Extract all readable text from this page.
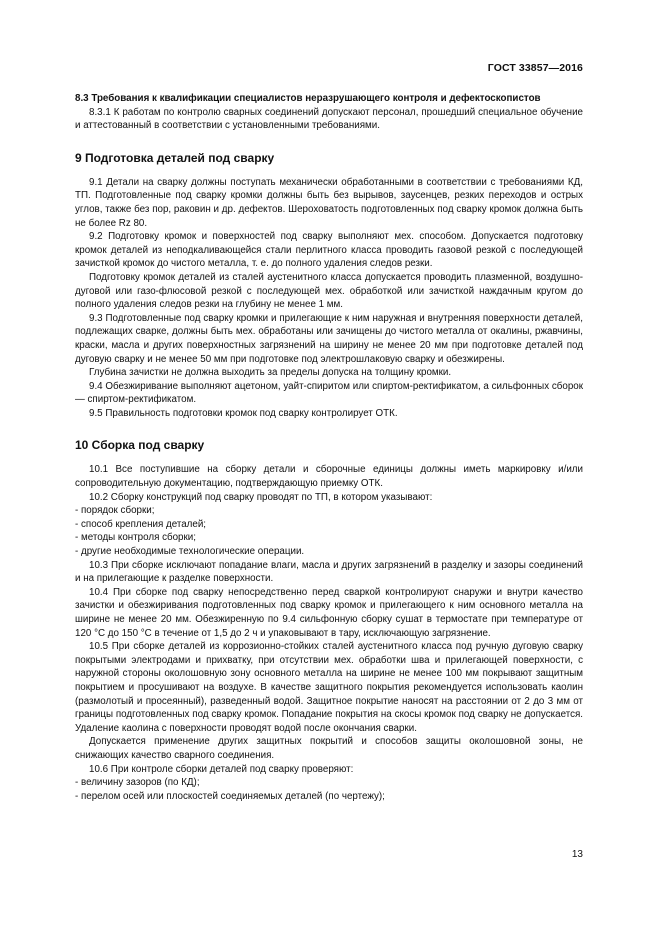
ГОСТ 33857—2016

8.3 Требования к квалификации специалистов неразрушающего контроля и дефектоскопистов

8.3.1 К работам по контролю сварных соединений допускают персонал, прошедший специальное обучение и аттестованный в соответствии с установленными требованиями.

9 Подготовка деталей под сварку

9.1 Детали на сварку должны поступать механически обработанными в соответствии с требованиями КД, ТП. Подготовленные под сварку кромки должны быть без вырывов, заусенцев, резких переходов и острых углов, также без пор, раковин и др. дефектов. Шероховатость подготовленных под сварку кромок должна быть не более Rz 80.

9.2 Подготовку кромок и поверхностей под сварку выполняют мех. способом. Допускается подготовку кромок деталей из неподкаливающейся стали перлитного класса проводить газовой резкой с последующей зачисткой кромок до чистого металла, т. е. до полного удаления следов резки.

Подготовку кромок деталей из сталей аустенитного класса допускается проводить плазменной, воздушно-дуговой или газо-флюсовой резкой с последующей мех. обработкой или зачисткой наждачным кругом до полного удаления следов резки на глубину не менее 1 мм.

9.3 Подготовленные под сварку кромки и прилегающие к ним наружная и внутренняя поверхности деталей, подлежащих сварке, должны быть мех. обработаны или зачищены до чистого металла от окалины, ржавчины, краски, масла и других поверхностных загрязнений на ширину не менее 20 мм при подготовке деталей под дуговую сварку и не менее 50 мм при подготовке под электрошлаковую сварку и обезжирены.

Глубина зачистки не должна выходить за пределы допуска на толщину кромки.

9.4 Обезжиривание выполняют ацетоном, уайт-спиритом или спиртом-ректификатом, а сильфонных сборок — спиртом-ректификатом.

9.5 Правильность подготовки кромок под сварку контролирует ОТК.

10 Сборка под сварку

10.1 Все поступившие на сборку детали и сборочные единицы должны иметь маркировку и/или сопроводительную документацию, подтверждающую приемку ОТК.

10.2 Сборку конструкций под сварку проводят по ТП, в котором указывают:

- порядок сборки;
- способ крепления деталей;
- методы контроля сборки;
- другие необходимые технологические операции.

10.3 При сборке исключают попадание влаги, масла и других загрязнений в разделку и зазоры соединений и на прилегающие к разделке поверхности.

10.4 При сборке под сварку непосредственно перед сваркой контролируют снаружи и внутри качество зачистки и обезжиривания подготовленных под сварку кромок и прилегающего к ним основного металла на ширине не менее 20 мм. Обезжиренную по 9.4 сильфонную сборку сушат в термостате при температуре от 120 °С до 150 °С в течение от 1,5 до 2 ч и упаковывают в тару, исключающую загрязнение.

10.5 При сборке деталей из коррозионно-стойких сталей аустенитного класса под ручную дуговую сварку покрытыми электродами и прихватку, при отсутствии мех. обработки шва и прилегающей поверхности, с наружной стороны околошовную зону основного металла на ширине не менее 100 мм покрывают защитным покрытием и просушивают на воздухе. В качестве защитного покрытия рекомендуется использовать каолин (размолотый и просеянный), разведенный водой. Защитное покрытие наносят на расстоянии от 2 до 3 мм от границы подготовленных под сварку кромок. Попадание покрытия на скосы кромок под сварку не допускается. Удаление каолина с поверхности проводят водой после окончания сварки.

Допускается применение других защитных покрытий и способов защиты околошовной зоны, не снижающих качество сварного соединения.

10.6 При контроле сборки деталей под сварку проверяют:

- величину зазоров (по КД);
- перелом осей или плоскостей соединяемых деталей (по чертежу);
13
